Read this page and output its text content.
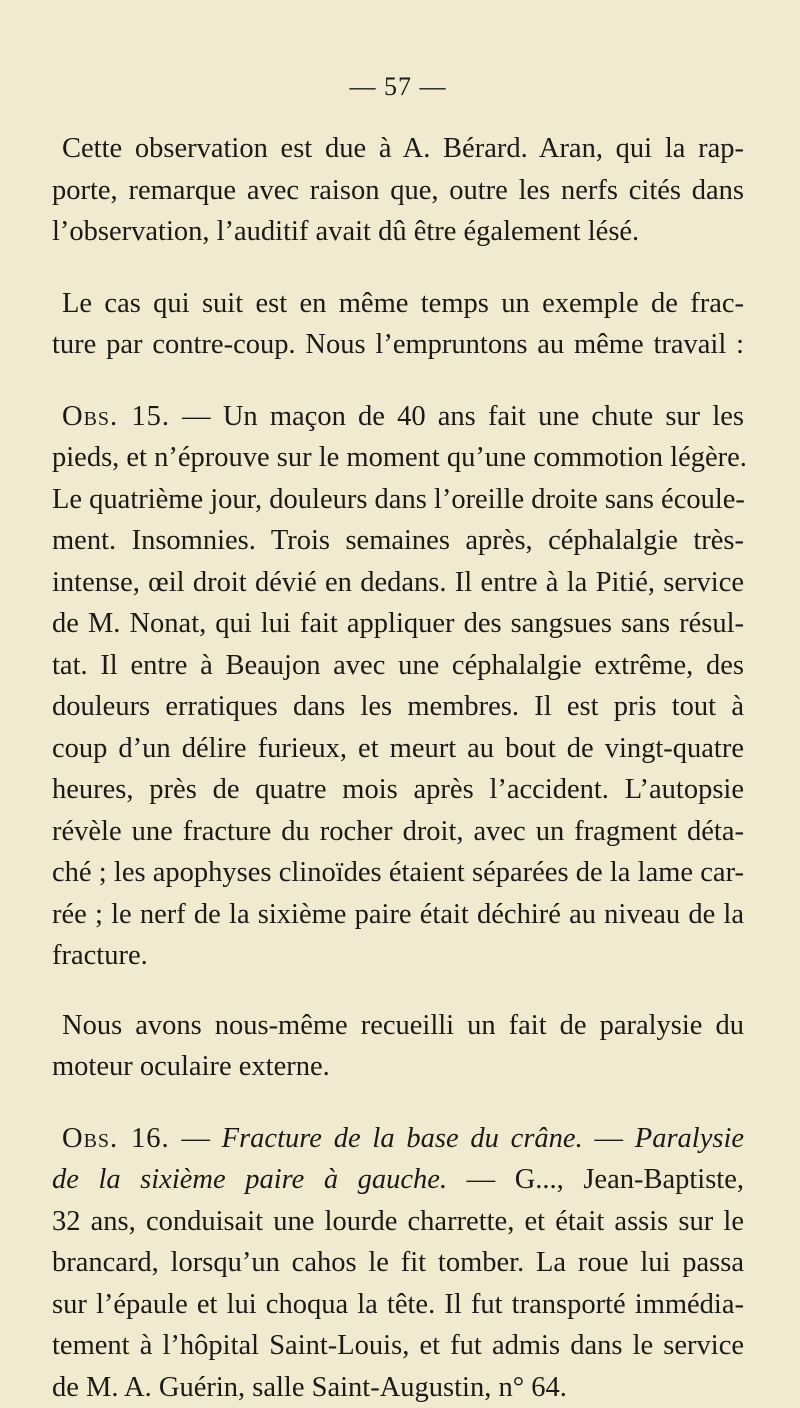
— 57 —

Cette observation est due à A. Bérard. Aran, qui la rap-
porte, remarque avec raison que, outre les nerfs cités dans
l’observation, l’auditif avait dû être également lésé.

Le cas qui suit est en même temps un exemple de frac-
ture par contre-coup. Nous l’empruntons au même travail :

Obs. 15. — Un maçon de 40 ans fait une chute sur les
pieds, et n’éprouve sur le moment qu’une commotion légère.
Le quatrième jour, douleurs dans l’oreille droite sans écoule-
ment. Insomnies. Trois semaines après, céphalalgie très-
intense, œil droit dévié en dedans. Il entre à la Pitié, service
de M. Nonat, qui lui fait appliquer des sangsues sans résul-
tat. Il entre à Beaujon avec une céphalalgie extrême, des
douleurs erratiques dans les membres. Il est pris tout à
coup d’un délire furieux, et meurt au bout de vingt-quatre
heures, près de quatre mois après l’accident. L’autopsie
révèle une fracture du rocher droit, avec un fragment déta-
ché ; les apophyses clinoïdes étaient séparées de la lame car-
rée ; le nerf de la sixième paire était déchiré au niveau de la
fracture.

Nous avons nous-même recueilli un fait de paralysie du
moteur oculaire externe.

Obs. 16. — Fracture de la base du crâne. — Paralysie
de la sixième paire à gauche. — G..., Jean-Baptiste,
32 ans, conduisait une lourde charrette, et était assis sur le
brancard, lorsqu’un cahos le fit tomber. La roue lui passa
sur l’épaule et lui choqua la tête. Il fut transporté immédia-
tement à l’hôpital Saint-Louis, et fut admis dans le service
de M. A. Guérin, salle Saint-Augustin, n° 64.
